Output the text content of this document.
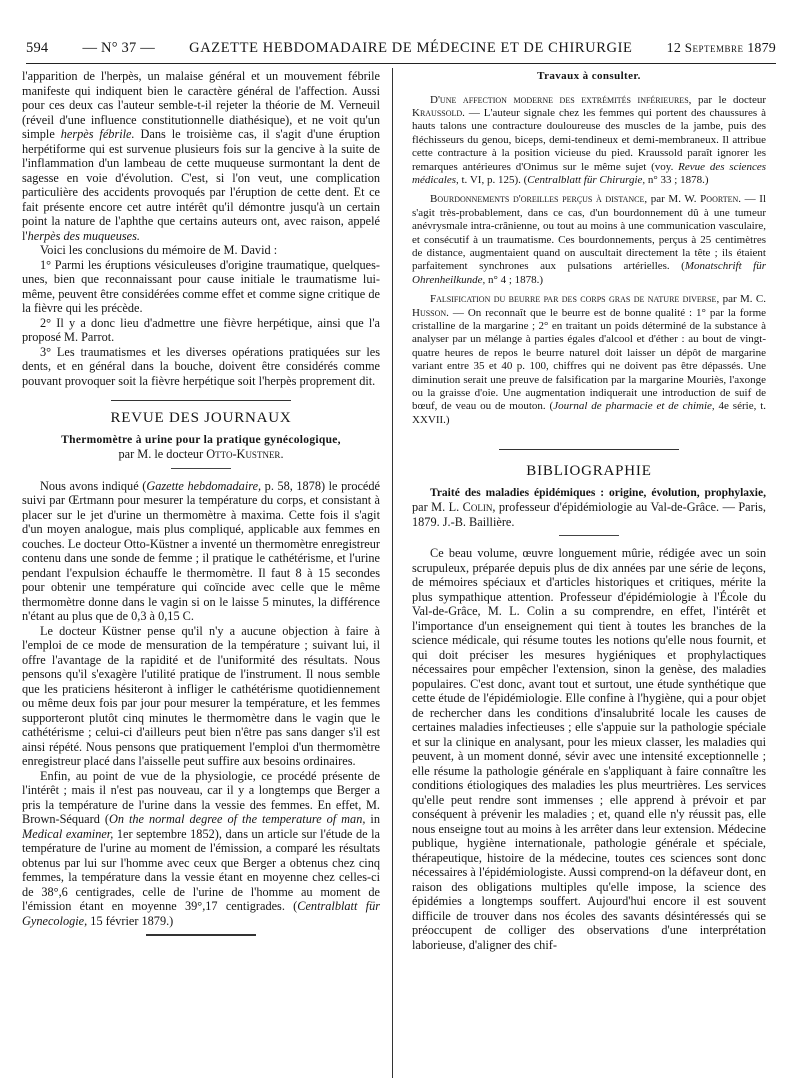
594 — N° 37 — GAZETTE HEBDOMADAIRE DE MÉDECINE ET DE CHIRURGIE 12 Septembre 1879

l'apparition de l'herpès, un malaise général et un mouvement fébrile manifeste qui indiquent bien le caractère général de l'affection. Aussi pour ces deux cas l'auteur semble-t-il rejeter la théorie de M. Verneuil (réveil d'une influence constitutionnelle diathésique), et ne voit qu'un simple herpès fébrile. Dans le troisième cas, il s'agit d'une éruption herpétiforme qui est survenue plusieurs fois sur la gencive à la suite de l'inflammation d'un lambeau de cette muqueuse surmontant la dent de sagesse en voie d'évolution. C'est, si l'on veut, une complication particulière des accidents provoqués par l'éruption de cette dent. Et ce fait présente encore cet autre intérêt qu'il démontre jusqu'à un certain point la nature de l'aphthe que certains auteurs ont, avec raison, appelé l'herpès des muqueuses.

Voici les conclusions du mémoire de M. David :

1° Parmi les éruptions vésiculeuses d'origine traumatique, quelques-unes, bien que reconnaissant pour cause initiale le traumatisme lui-même, peuvent être considérées comme effet et comme signe critique de la fièvre qui les précède.

2° Il y a donc lieu d'admettre une fièvre herpétique, ainsi que l'a proposé M. Parrot.

3° Les traumatismes et les diverses opérations pratiquées sur les dents, et en général dans la bouche, doivent être considérés comme pouvant provoquer soit la fièvre herpétique soit l'herpès proprement dit.

REVUE DES JOURNAUX

Thermomètre à urine pour la pratique gynécologique,
par M. le docteur Otto-Kustner.

Nous avons indiqué (Gazette hebdomadaire, p. 58, 1878) le procédé suivi par Œrtmann pour mesurer la température du corps, et consistant à placer sur le jet d'urine un thermomètre à maxima. Cette fois il s'agit d'un moyen analogue, mais plus compliqué, applicable aux femmes en couches. Le docteur Otto-Küstner a inventé un thermomètre enregistreur contenu dans une sonde de femme ; il pratique le cathétérisme, et l'urine pendant l'expulsion échauffe le thermomètre. Il faut 8 à 15 secondes pour obtenir une température qui coïncide avec celle que le même thermomètre donne dans le vagin si on le laisse 5 minutes, la différence n'étant au plus que de 0,3 à 0,15 C.

Le docteur Küstner pense qu'il n'y a aucune objection à faire à l'emploi de ce mode de mensuration de la température ; suivant lui, il offre l'avantage de la rapidité et de l'uniformité des résultats. Nous pensons qu'il s'exagère l'utilité pratique de l'instrument. Il nous semble que les praticiens hésiteront à infliger le cathétérisme quotidiennement ou même deux fois par jour pour mesurer la température, et les femmes supporteront plutôt cinq minutes le thermomètre dans le vagin que le cathétérisme ; celui-ci d'ailleurs peut bien n'être pas sans danger s'il est ainsi répété. Nous pensons que pratiquement l'emploi d'un thermomètre enregistreur placé dans l'aisselle peut suffire aux besoins ordinaires.

Enfin, au point de vue de la physiologie, ce procédé présente de l'intérêt ; mais il n'est pas nouveau, car il y a longtemps que Berger a pris la température de l'urine dans la vessie des femmes. En effet, M. Brown-Séquard (On the normal degree of the temperature of man, in Medical examiner, 1er septembre 1852), dans un article sur l'étude de la température de l'urine au moment de l'émission, a comparé les résultats obtenus par lui sur l'homme avec ceux que Berger a obtenus chez cinq femmes, la température dans la vessie étant en moyenne chez celles-ci de 38°,6 centigrades, celle de l'urine de l'homme au moment de l'émission étant en moyenne 39°,17 centigrades. (Centralblatt für Gynecologie, 15 février 1879.)

Travaux à consulter.

D'une affection moderne des extrémités inférieures, par le docteur Kraussold. — L'auteur signale chez les femmes qui portent des chaussures à hauts talons une contracture douloureuse des muscles de la jambe, puis des fléchisseurs du genou, biceps, demi-tendineux et demi-membraneux. Il attribue cette contracture à la position vicieuse du pied. Kraussold paraît ignorer les remarques antérieures d'Onimus sur le même sujet (voy. Revue des sciences médicales, t. VI, p. 125). (Centralblatt für Chirurgie, n° 33 ; 1878.)

Bourdonnements d'oreilles perçus à distance, par M. W. Poorten. — Il s'agit très-probablement, dans ce cas, d'un bourdonnement dû à une tumeur anévrysmale intra-crânienne, ou tout au moins à une communication vasculaire, et consécutif à un traumatisme. Ces bourdonnements, perçus à 25 centimètres de distance, augmentaient quand on auscultait directement la tête ; ils étaient parfaitement synchrones aux pulsations artérielles. (Monatschrift für Ohrenheilkunde, n° 4 ; 1878.)

Falsification du beurre par des corps gras de nature diverse, par M. C. Husson. — On reconnaît que le beurre est de bonne qualité : 1° par la forme cristalline de la margarine ; 2° en traitant un poids déterminé de la substance à analyser par un mélange à parties égales d'alcool et d'éther : au bout de vingt-quatre heures de repos le beurre naturel doit laisser un dépôt de margarine variant entre 35 et 40 p. 100, chiffres qui ne doivent pas être dépassés. Une diminution serait une preuve de falsification par la margarine Mouriès, l'axonge ou la graisse d'oie. Une augmentation indiquerait une introduction de suif de bœuf, de veau ou de mouton. (Journal de pharmacie et de chimie, 4e série, t. XXVII.)

BIBLIOGRAPHIE

Traité des maladies épidémiques : origine, évolution, prophylaxie, par M. L. Colin, professeur d'épidémiologie au Val-de-Grâce. — Paris, 1879. J.-B. Baillière.

Ce beau volume, œuvre longuement mûrie, rédigée avec un soin scrupuleux, préparée depuis plus de dix années par une série de leçons, de mémoires spéciaux et d'articles historiques et critiques, mérite la plus sympathique attention. Professeur d'épidémiologie à l'École du Val-de-Grâce, M. L. Colin a su comprendre, en effet, l'intérêt et l'importance d'un enseignement qui tient à toutes les branches de la science médicale, qui résume toutes les notions qu'elle nous fournit, et qui doit préciser les mesures hygiéniques et prophylactiques nécessaires pour empêcher l'extension, sinon la genèse, des maladies populaires. C'est donc, avant tout et surtout, une étude synthétique que cette étude de l'épidémiologie. Elle confine à l'hygiène, qui a pour objet de rechercher dans les conditions d'insalubrité locale les causes de certaines maladies infectieuses ; elle s'appuie sur la pathologie spéciale et sur la clinique en analysant, pour les mieux classer, les maladies qui peuvent, à un moment donné, sévir avec une intensité exceptionnelle ; elle résume la pathologie générale en s'appliquant à faire connaître les conditions étiologiques des maladies les plus meurtrières. Les services qu'elle peut rendre sont immenses ; elle apprend à prévoir et par conséquent à prévenir les maladies ; et, quand elle n'y réussit pas, elle nous enseigne tout au moins à les arrêter dans leur extension. Médecine publique, hygiène internationale, pathologie générale et spéciale, thérapeutique, histoire de la médecine, toutes ces sciences sont donc nécessaires à l'épidémiologiste. Aussi comprend-on la défaveur dont, en raison des obligations multiples qu'elle impose, la science des épidémies a longtemps souffert. Aujourd'hui encore il est souvent difficile de trouver dans nos écoles des savants désintéressés qui se préoccupent de colliger des observations d'une interprétation laborieuse, d'aligner des chif-
